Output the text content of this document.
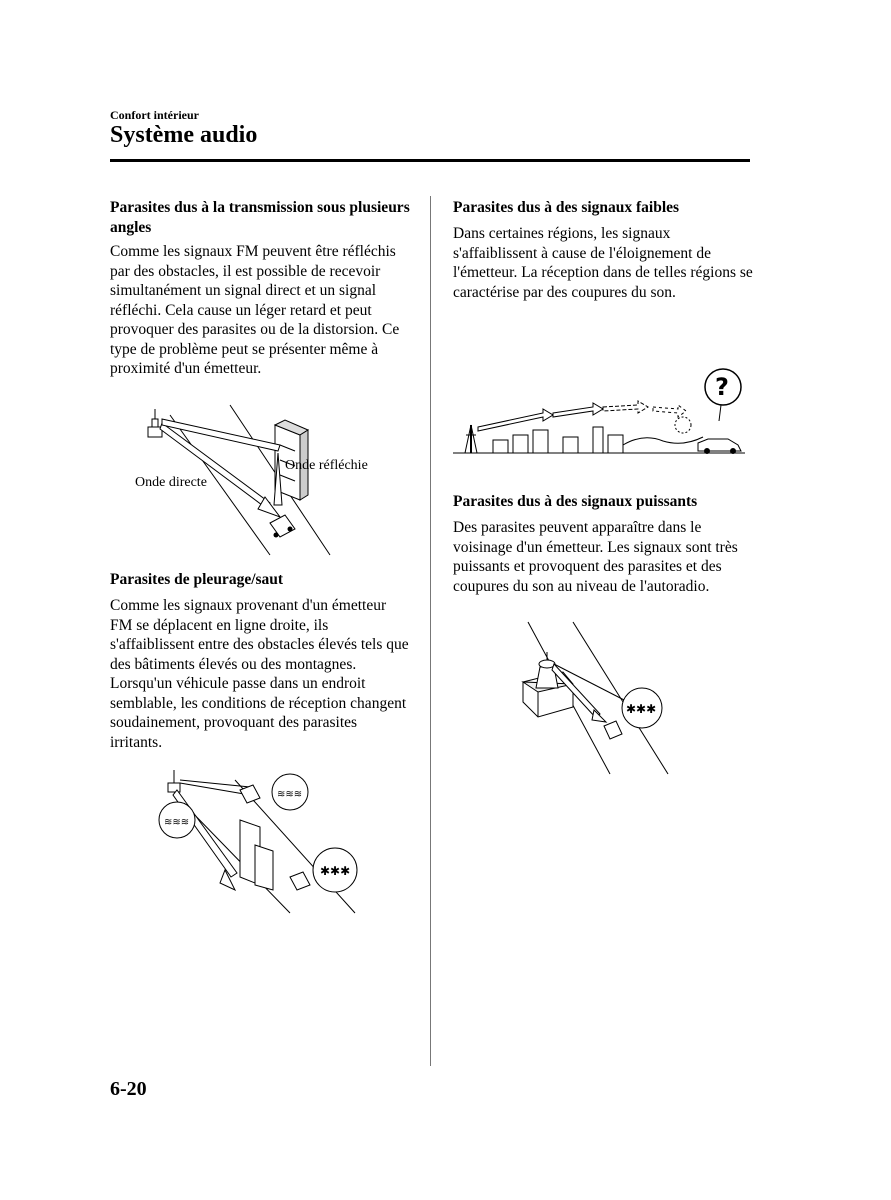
Confort intérieur
Système audio
Parasites dus à la transmission sous plusieurs angles
Comme les signaux FM peuvent être réfléchis par des obstacles, il est possible de recevoir simultanément un signal direct et un signal réfléchi. Cela cause un léger retard et peut provoquer des parasites ou de la distorsion. Ce type de problème peut se présenter même à proximité d'un émetteur.
Onde directe
Onde réfléchie
Parasites de pleurage/saut
Comme les signaux provenant d'un émetteur FM se déplacent en ligne droite, ils s'affaiblissent entre des obstacles élevés tels que des bâtiments élevés ou des montagnes. Lorsqu'un véhicule passe dans un endroit semblable, les conditions de réception changent soudainement, provoquant des parasites irritants.
≋≋≋
≋≋≋
✱✱✱
Parasites dus à des signaux faibles
Dans certaines régions, les signaux s'affaiblissent à cause de l'éloignement de l'émetteur. La réception dans de telles régions se caractérise par des coupures du son.
?
Parasites dus à des signaux puissants
Des parasites peuvent apparaître dans le voisinage d'un émetteur. Les signaux sont très puissants et provoquent des parasites et des coupures du son au niveau de l'autoradio.
✱✱✱
6-20
